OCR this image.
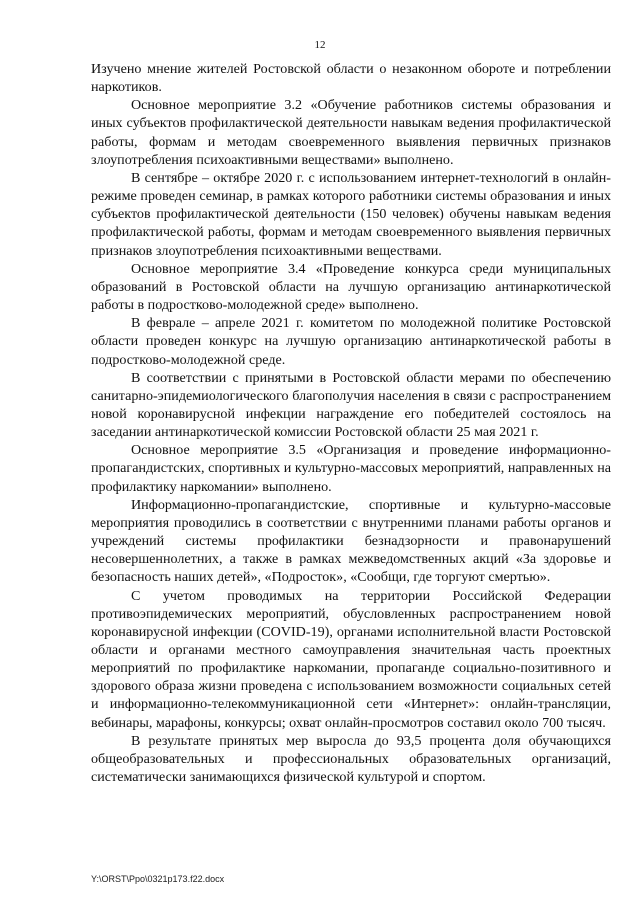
12

Изучено мнение жителей Ростовской области о незаконном обороте и потреблении наркотиков.

Основное мероприятие 3.2 «Обучение работников системы образования и иных субъектов профилактической деятельности навыкам ведения профилактической работы, формам и методам своевременного выявления первичных признаков злоупотребления психоактивными веществами» выполнено.

В сентябре – октябре 2020 г. с использованием интернет-технологий в онлайн-режиме проведен семинар, в рамках которого работники системы образования и иных субъектов профилактической деятельности (150 человек) обучены навыкам ведения профилактической работы, формам и методам своевременного выявления первичных признаков злоупотребления психоактивными веществами.

Основное мероприятие 3.4 «Проведение конкурса среди муниципальных образований в Ростовской области на лучшую организацию антинаркотической работы в подростково-молодежной среде» выполнено.

В феврале – апреле 2021 г. комитетом по молодежной политике Ростовской области проведен конкурс на лучшую организацию антинаркотической работы в подростково-молодежной среде.

В соответствии с принятыми в Ростовской области мерами по обеспечению санитарно-эпидемиологического благополучия населения в связи с распространением новой коронавирусной инфекции награждение его победителей состоялось на заседании антинаркотической комиссии Ростовской области 25 мая 2021 г.

Основное мероприятие 3.5 «Организация и проведение информационно-пропагандистских, спортивных и культурно-массовых мероприятий, направленных на профилактику наркомании» выполнено.

Информационно-пропагандистские, спортивные и культурно-массовые мероприятия проводились в соответствии с внутренними планами работы органов и учреждений системы профилактики безнадзорности и правонарушений несовершеннолетних, а также в рамках межведомственных акций «За здоровье и безопасность наших детей», «Подросток», «Сообщи, где торгуют смертью».

С учетом проводимых на территории Российской Федерации противоэпидемических мероприятий, обусловленных распространением новой коронавирусной инфекции (COVID-19), органами исполнительной власти Ростовской области и органами местного самоуправления значительная часть проектных мероприятий по профилактике наркомании, пропаганде социально-позитивного и здорового образа жизни проведена с использованием возможности социальных сетей и информационно-телекоммуникационной сети «Интернет»: онлайн-трансляции, вебинары, марафоны, конкурсы; охват онлайн-просмотров составил около 700 тысяч.

В результате принятых мер выросла до 93,5 процента доля обучающихся общеобразовательных и профессиональных образовательных организаций, систематически занимающихся физической культурой и спортом.

Y:\ORST\Ppo\0321p173.f22.docx
